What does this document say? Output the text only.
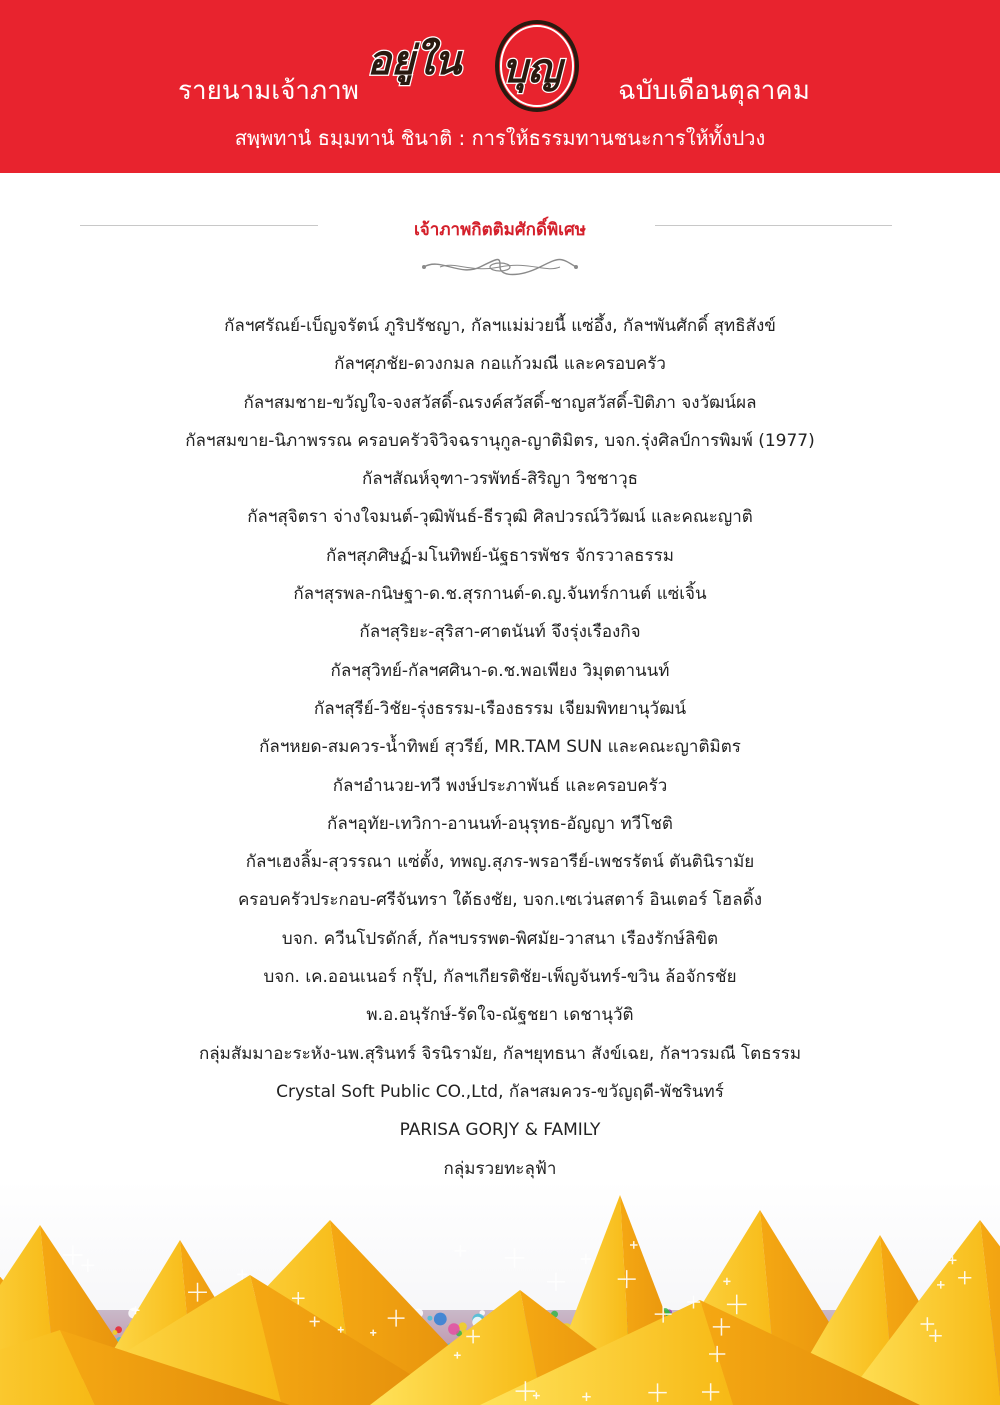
รายนามเจ้าภาพ
อยู่ใน บุญ ฉบับเดือนตุลาคม
สพฺพทานํ ธมฺมทานํ ชินาติ : การให้ธรรมทานชนะการให้ทั้งปวง
เจ้าภาพกิตติมศักดิ์พิเศษ
กัลฯศรัณย์-เบ็ญจรัตน์ ภูริปรัชญา, กัลฯแม่ม่วยนี้ แซ่อึ้ง, กัลฯพันศักดิ์ สุทธิสังข์
กัลฯศุภชัย-ดวงกมล กอแก้วมณี และครอบครัว
กัลฯสมชาย-ขวัญใจ-จงสวัสดิ์-ณรงค์สวัสดิ์-ชาญสวัสดิ์-ปิติภา จงวัฒน์ผล
กัลฯสมขาย-นิภาพรรณ ครอบครัวจิวิจฉรานุกูล-ญาติมิตร, บจก.รุ่งศิลป์การพิมพ์ (1977)
กัลฯสัณห์จุฑา-วรพัทธ์-สิริญา วิชชาวุธ
กัลฯสุจิตรา จ่างใจมนต์-วุฒิพันธ์-ธีรวุฒิ ศิลปวรณ์วิวัฒน์ และคณะญาติ
กัลฯสุภศิษฏ์-มโนทิพย์-นัฐธารพัชร จักรวาลธรรม
กัลฯสุรพล-กนิษฐา-ด.ช.สุรกานต์-ด.ญ.จันทร์กานต์ แซ่เจิ้น
กัลฯสุริยะ-สุริสา-ศาตนันท์ จึงรุ่งเรืองกิจ
กัลฯสุวิทย์-กัลฯศศินา-ด.ช.พอเพียง วิมุตตานนท์
กัลฯสุรีย์-วิชัย-รุ่งธรรม-เรืองธรรม เจียมพิทยานุวัฒน์
กัลฯหยด-สมควร-น้ำทิพย์ สุวรีย์, MR.TAM SUN และคณะญาติมิตร
กัลฯอำนวย-ทวี พงษ์ประภาพันธ์ และครอบครัว
กัลฯอุทัย-เทวิกา-อานนท์-อนุรุทธ-อัญญา ทวีโชติ
กัลฯเฮงลิ้ม-สุวรรณา แซ่ตั้ง, ทพญ.สุภร-พรอารีย์-เพชรรัตน์ ตันตินิรามัย
ครอบครัวประกอบ-ศรีจันทรา ใต้ธงชัย, บจก.เซเว่นสตาร์ อินเตอร์ โฮลดิ้ง
บจก. ควีนโปรดักส์, กัลฯบรรพต-พิศมัย-วาสนา เรืองรักษ์ลิขิต
บจก. เค.ออนเนอร์ กรุ๊ป, กัลฯเกียรติชัย-เพ็ญจันทร์-ขวิน ล้อจักรชัย
พ.อ.อนุรักษ์-รัดใจ-ณัฐชยา เดชานุวัติ
กลุ่มสัมมาอะระหัง-นพ.สุรินทร์ จิรนิรามัย, กัลฯยุทธนา สังข์เฉย, กัลฯวรมณี โตธรรม
Crystal Soft Public CO.,Ltd, กัลฯสมควร-ขวัญฤดี-พัชรินทร์
PARISA GORJY & FAMILY
กลุ่มรวยทะลุฟ้า
